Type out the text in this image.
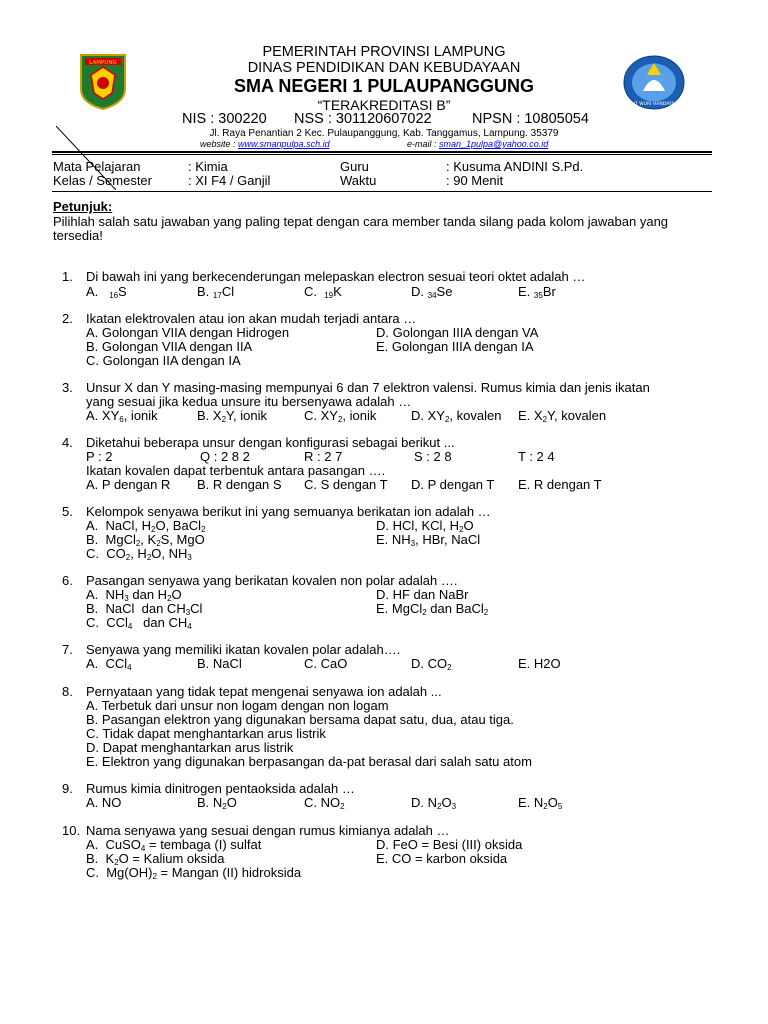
LAMPUNG
TUT WURI HANDAYANI
PEMERINTAH PROVINSI LAMPUNG
DINAS PENDIDIKAN DAN KEBUDAYAAN
SMA NEGERI 1 PULAUPANGGUNG
“TERAKREDITASI B”
NIS : 300220 NSS : 301120607022	NPSN : 10805054
Jl. Raya Penantian 2 Kec. Pulaupanggung, Kab. Tanggamus, Lampung. 35379
website : www.smanpulpa.sch.id	e-mail : sman_1pulpa@yahoo.co.id
Mata Pelajaran	: Kimia	Guru	: Kusuma ANDINI S.Pd.
Kelas / Semester	: XI F4 / Ganjil	Waktu	: 90 Menit
Petunjuk:
Pilihlah salah satu jawaban yang paling tepat dengan cara member tanda silang pada kolom jawaban yang
tersedia!
1. Di bawah ini yang berkecenderungan melepaskan electron sesuai teori oktet adalah …
A. 16S	B. 17Cl	C. 19K	D. 34Se	E. 35Br
2. Ikatan elektrovalen atau ion akan mudah terjadi antara …
A. Golongan VIIA dengan Hidrogen	D. Golongan IIIA dengan VA
B. Golongan VIIA dengan IIA	E. Golongan IIIA dengan IA
C. Golongan IIA dengan IA
3. Unsur X dan Y masing-masing mempunyai 6 dan 7 elektron valensi. Rumus kimia dan jenis ikatan
yang sesuai jika kedua unsure itu bersenyawa adalah …
A. $XY_6$, ionik	B. $X_2Y$, ionik	C. $XY_2$, ionik	D. $XY_2$, kovalen E. $X_2Y$, kovalen
4. Diketahui beberapa unsur dengan konfigurasi sebagai berikut ...
P : 2	Q : 2 8 2	R : 2 7	S : 2 8	T : 2 4
Ikatan kovalen dapat terbentuk antara pasangan ….
A. P dengan R B. R dengan S C. S dengan T D. P dengan T E. R dengan T
5. Kelompok senyawa berikut ini yang semuanya berikatan ion adalah …
A.  NaCl, $H_2O$, BaCl$_2$	D. HCl, KCl, $H_2O$
B.  MgCl$_2$, $K_2S$, MgO	E. $NH_3$, HBr, NaCl
C.  $CO_2$, $H_2O$, $NH_3$
6. Pasangan senyawa yang berikatan kovalen non polar adalah ….
A.  $NH_3$ dan $H_2O$	D. HF dan NaBr
B.  NaCl  dan $CH_3Cl$	E. MgCl$_2$ dan BaCl$_2$
C.  CCl$_4$   dan $CH_4$
7. Senyawa yang memiliki ikatan kovalen polar adalah….
A.  CCl$_4$	B. NaCl	C. CaO	D. $CO_2$	E. H2O
8. Pernyataan yang tidak tepat mengenai senyawa ion adalah ...
A. Terbetuk dari unsur non logam dengan non logam
B. Pasangan elektron yang digunakan bersama dapat satu, dua, atau tiga.
C. Tidak dapat menghantarkan arus listrik
D. Dapat menghantarkan arus listrik
E. Elektron yang digunakan berpasangan da-pat berasal dari salah satu atom
9. Rumus kimia dinitrogen pentaoksida adalah …
A. NO	B. $N_2O$	C. $NO_2$	D. $N_2O_3$	E. $N_2O_5$
10. Nama senyawa yang sesuai dengan rumus kimianya adalah …
A.  CuSO$_4$ = tembaga (I) sulfat	D. FeO = Besi (III) oksida
B.  $K_2O$ = Kalium oksida	E. CO = karbon oksida
C.  $Mg(OH)_2$ = Mangan (II) hidroksida
